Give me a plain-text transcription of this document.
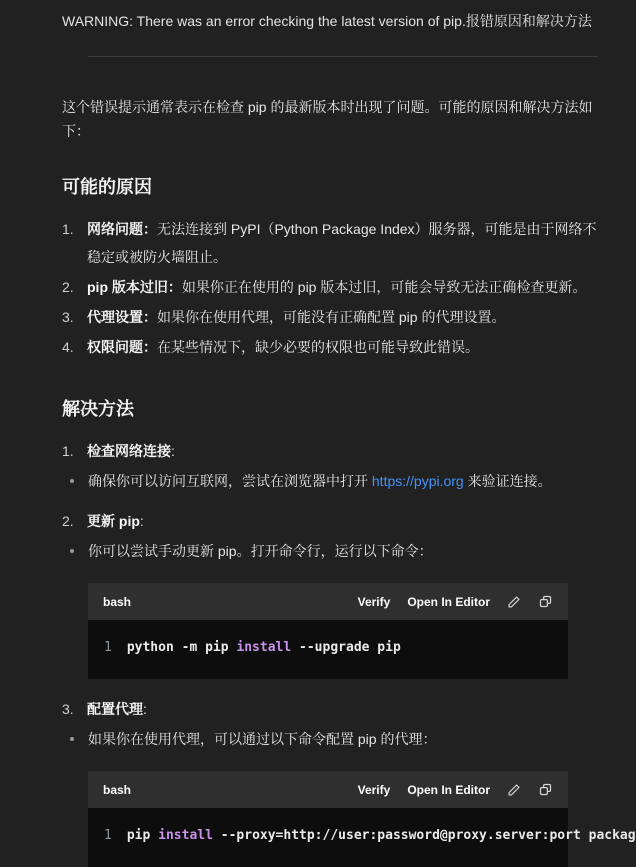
WARNING: There was an error checking the latest version of pip.报错原因和解决方法

这个错误提示通常表示在检查 pip 的最新版本时出现了问题。可能的原因和解决方法如下：

可能的原因
1. 网络问题：无法连接到 PyPI（Python Package Index）服务器，可能是由于网络不稳定或被防火墙阻止。
2. pip 版本过旧：如果你正在使用的 pip 版本过旧，可能会导致无法正确检查更新。
3. 代理设置：如果你在使用代理，可能没有正确配置 pip 的代理设置。
4. 权限问题：在某些情况下，缺少必要的权限也可能导致此错误。
解决方法
1. 检查网络连接:
确保你可以访问互联网，尝试在浏览器中打开 https://pypi.org 来验证连接。
2. 更新 pip:
你可以尝试手动更新 pip。打开命令行，运行以下命令：
bash	Verify Open In Editor
1 python -m pip install --upgrade pip
3. 配置代理:
如果你在使用代理，可以通过以下命令配置 pip 的代理：
bash	Verify Open In Editor
1 pip install --proxy=http://user:password@proxy.server:port packag
